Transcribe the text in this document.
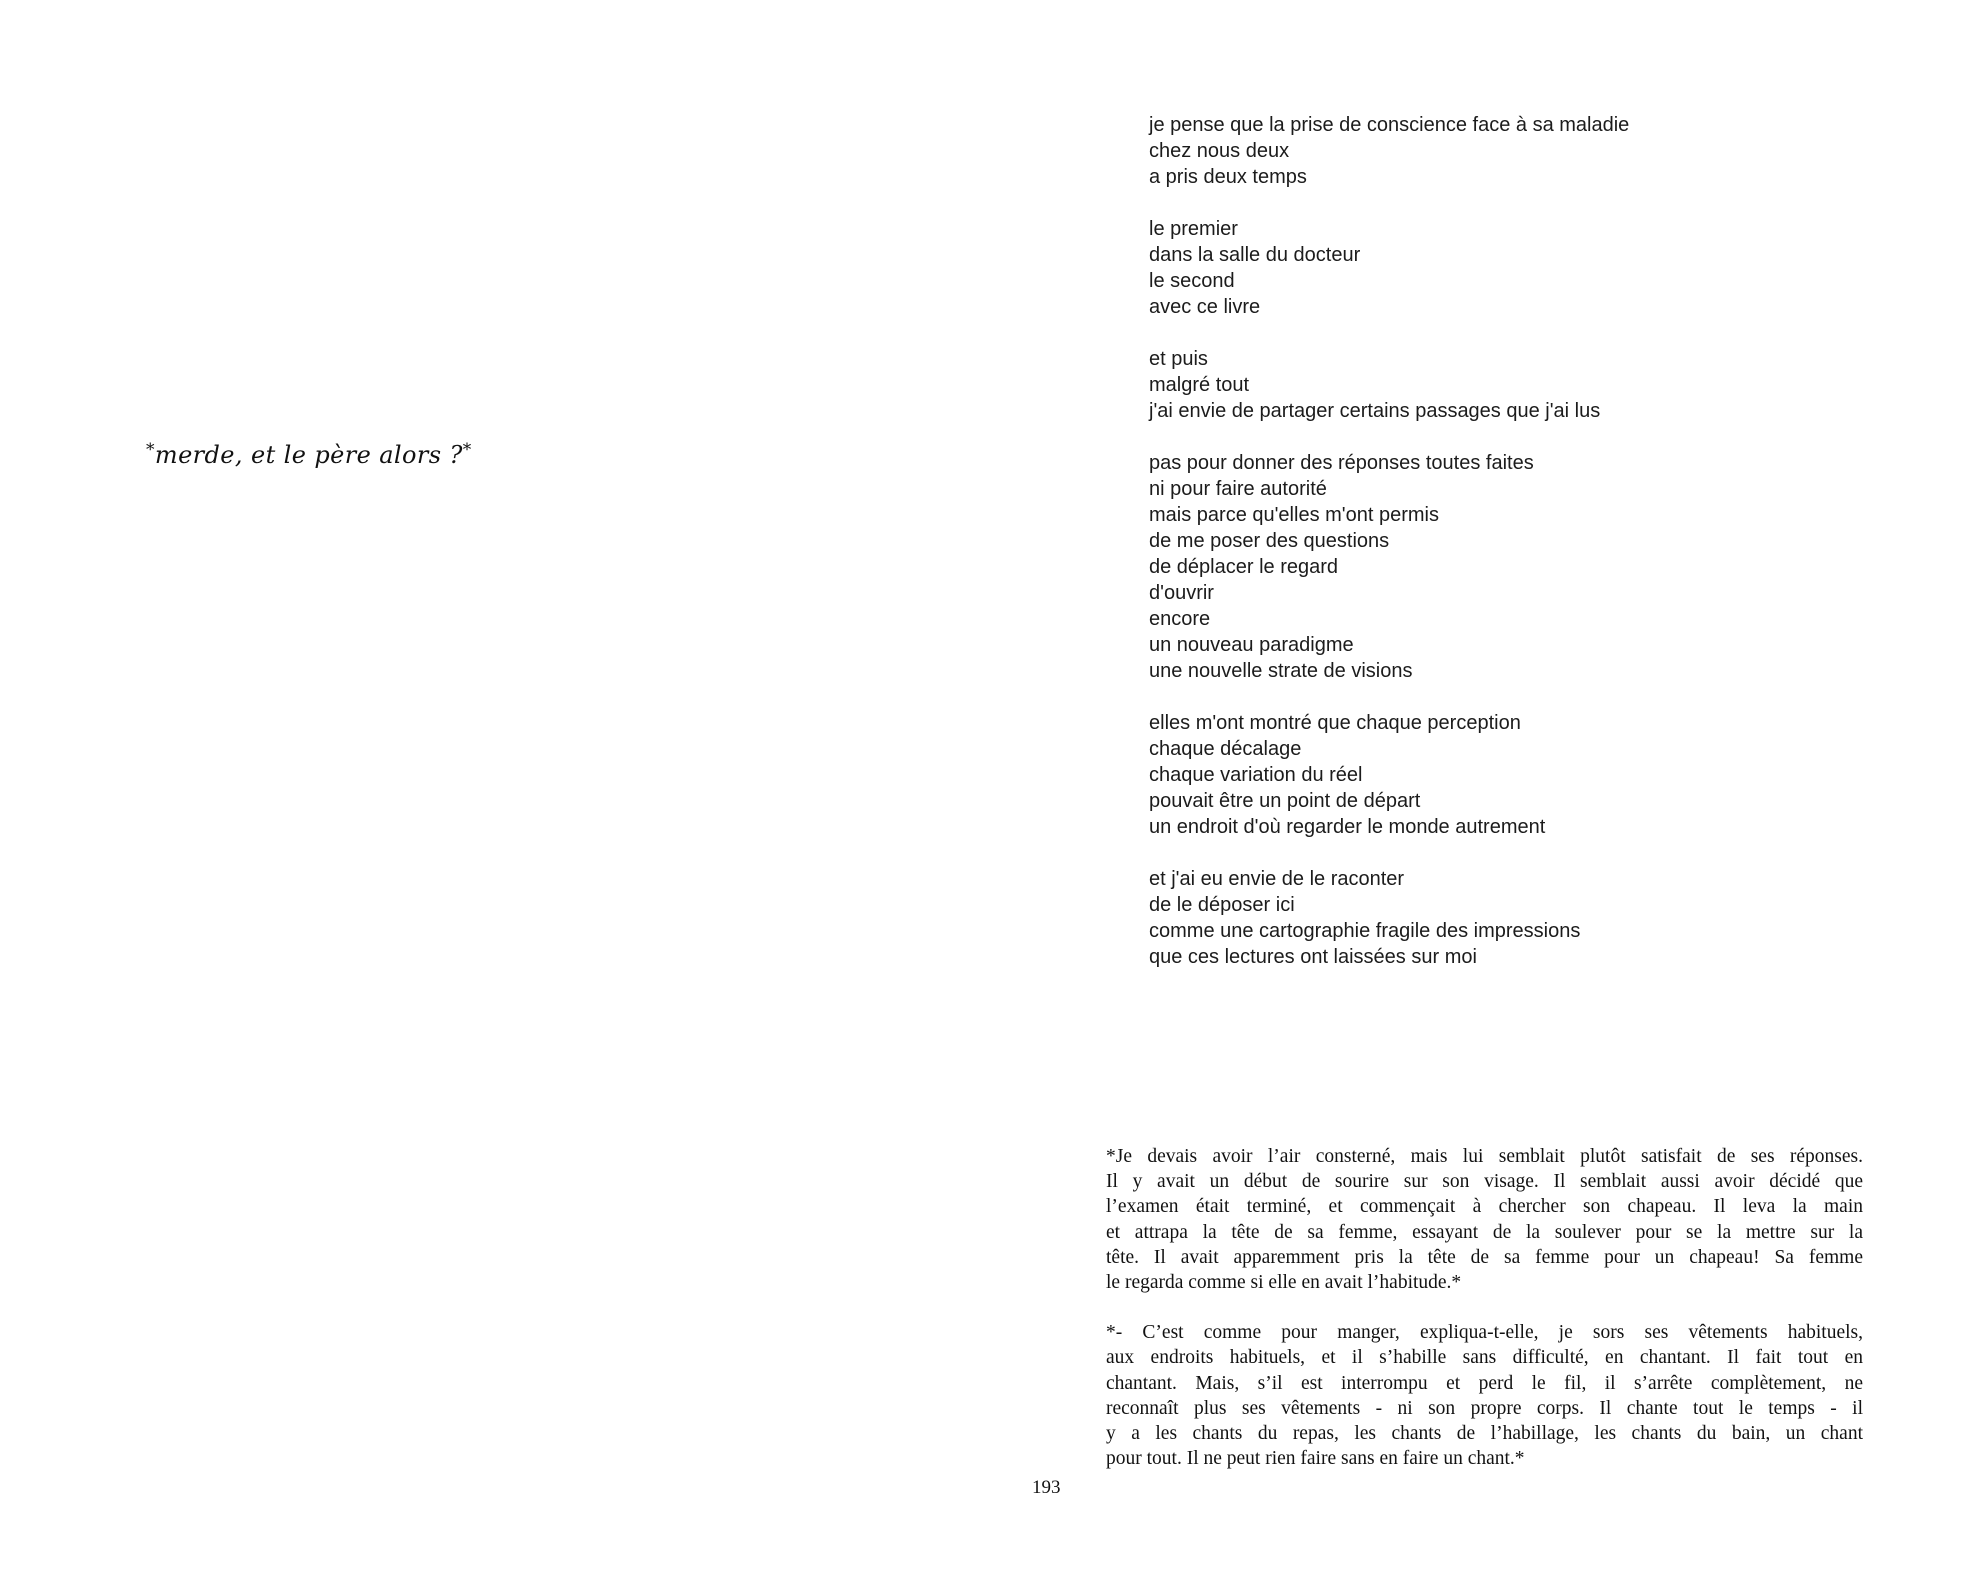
*merde, et le père alors ?*
je pense que la prise de conscience face à sa maladie
chez nous deux
a pris deux temps
le premier
dans la salle du docteur
le second
avec ce livre
et puis
malgré tout
j'ai envie de partager certains passages que j'ai lus
pas pour donner des réponses toutes faites
ni pour faire autorité
mais parce qu'elles m'ont permis
de me poser des questions
de déplacer le regard
d'ouvrir
encore
un nouveau paradigme
une nouvelle strate de visions
elles m'ont montré que chaque perception
chaque décalage
chaque variation du réel
pouvait être un point de départ
un endroit d'où regarder le monde autrement
et j'ai eu envie de le raconter
de le déposer ici
comme une cartographie fragile des impressions
que ces lectures ont laissées sur moi
*Je devais avoir l’air consterné, mais lui semblait plutôt satisfait de ses réponses.
Il y avait un début de sourire sur son visage. Il semblait aussi avoir décidé que
l’examen était terminé, et commençait à chercher son chapeau. Il leva la main
et attrapa la tête de sa femme, essayant de la soulever pour se la mettre sur la
tête. Il avait apparemment pris la tête de sa femme pour un chapeau! Sa femme
le regarda comme si elle en avait l’habitude.*
*- C’est comme pour manger, expliqua-t-elle, je sors ses vêtements habituels,
aux endroits habituels, et il s’habille sans difficulté, en chantant. Il fait tout en
chantant. Mais, s’il est interrompu et perd le fil, il s’arrête complètement, ne
reconnaît plus ses vêtements - ni son propre corps. Il chante tout le temps - il
y a les chants du repas, les chants de l’habillage, les chants du bain, un chant
pour tout. Il ne peut rien faire sans en faire un chant.*
193
